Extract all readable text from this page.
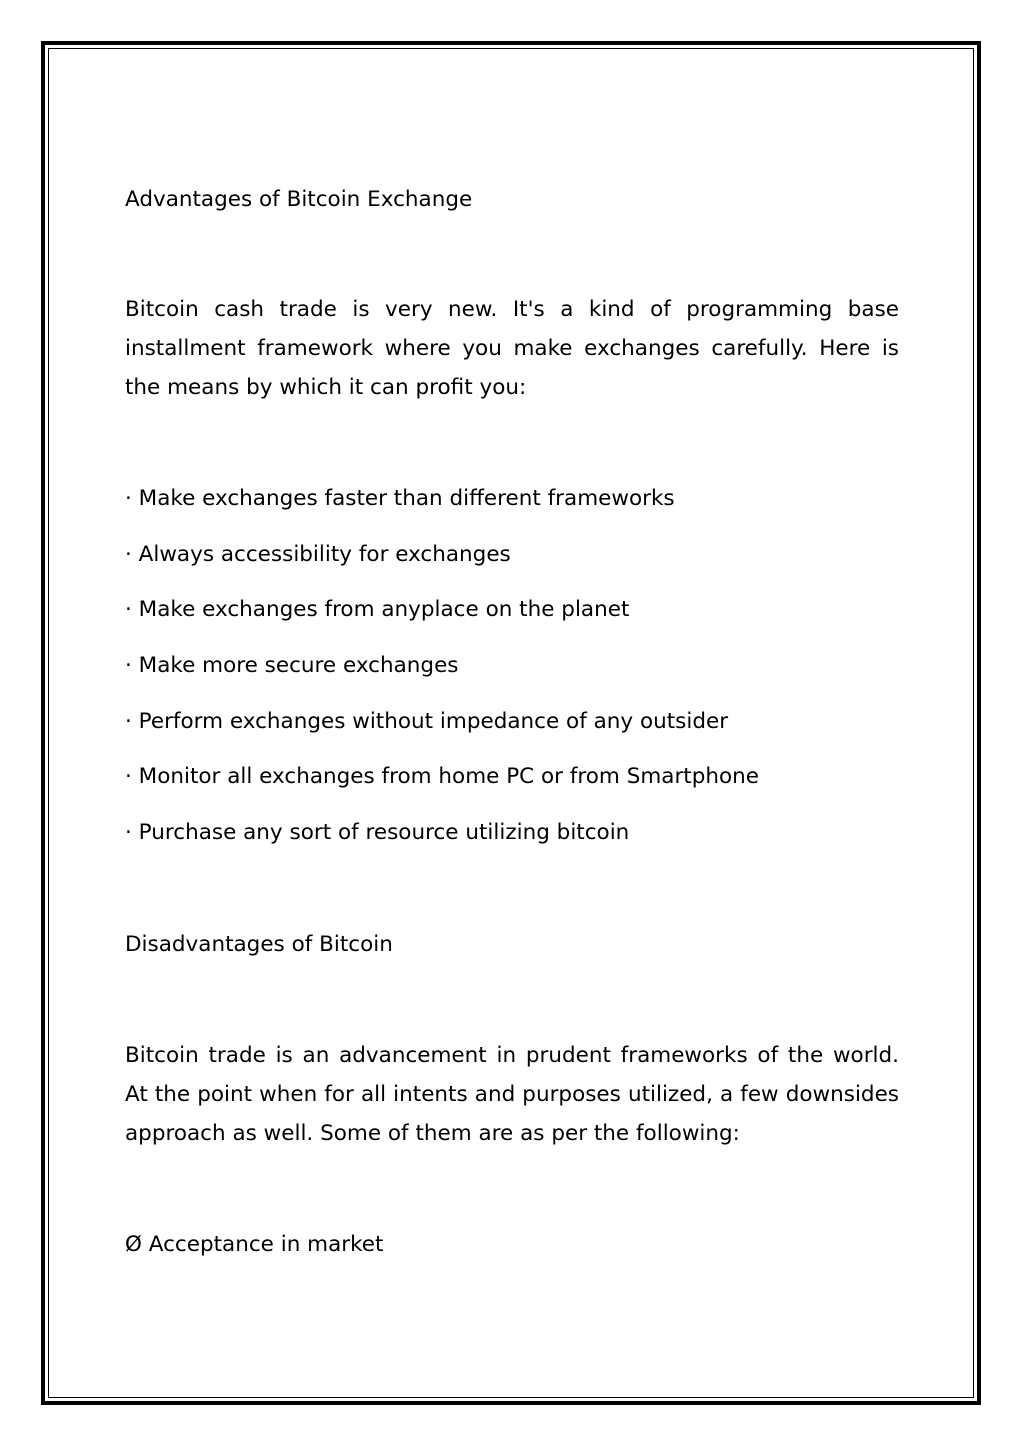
Advantages of Bitcoin Exchange

Bitcoin cash trade is very new. It's a kind of programming base installment framework where you make exchanges carefully. Here is the means by which it can profit you:

· Make exchanges faster than different frameworks

· Always accessibility for exchanges

· Make exchanges from anyplace on the planet

· Make more secure exchanges

· Perform exchanges without impedance of any outsider

· Monitor all exchanges from home PC or from Smartphone

· Purchase any sort of resource utilizing bitcoin

Disadvantages of Bitcoin

Bitcoin trade is an advancement in prudent frameworks of the world. At the point when for all intents and purposes utilized, a few downsides approach as well. Some of them are as per the following:

Ø Acceptance in market
